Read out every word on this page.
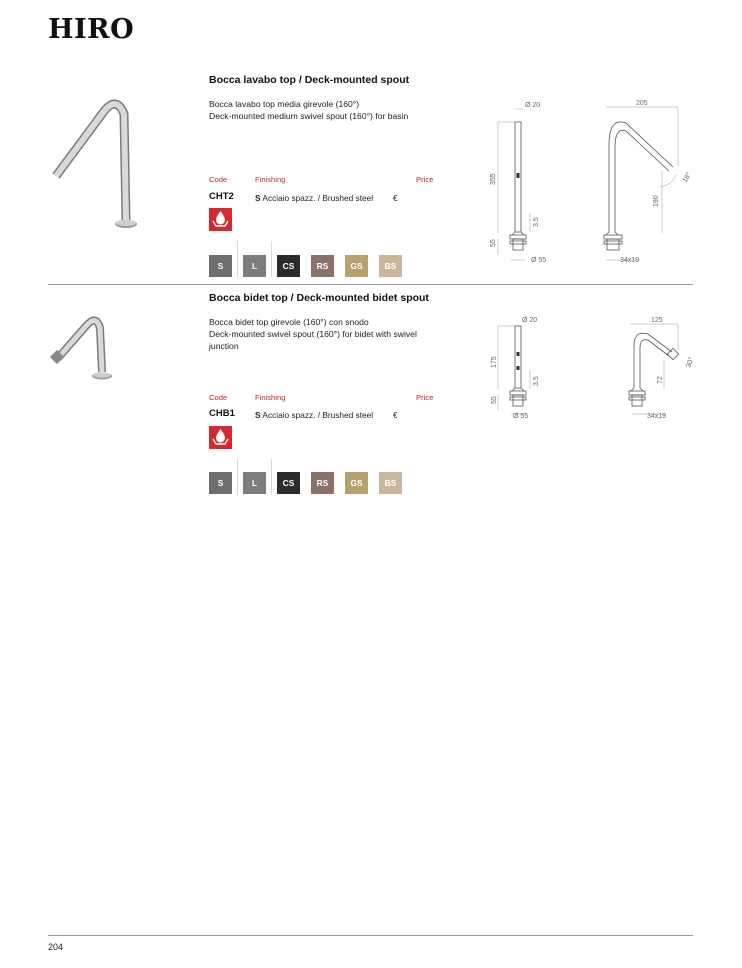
HIRO
Bocca lavabo top / Deck-mounted spout
Bocca lavabo top media girevole (160°)
Deck-mounted medium swivel spout (160°) for basin
Code	Finishing	Price
CHT2	S Acciaio spazz. / Brushed steel €
S	L	CS	RS	GS	BS
Ø 20
355
3.5
55
Ø 55
205
190
18°
34x19
Bocca bidet top / Deck-mounted bidet spout
Bocca bidet top girevole (160°) con snodo
Deck-mounted swivel spout (160°) for bidet with swivel junction
Code	Finishing	Price
CHB1 S Acciaio spazz. / Brushed steel €
S	L	CS	RS	GS	BS
Ø 20
175
3.5
55
Ø 55
125
72
30°
34x19
204
